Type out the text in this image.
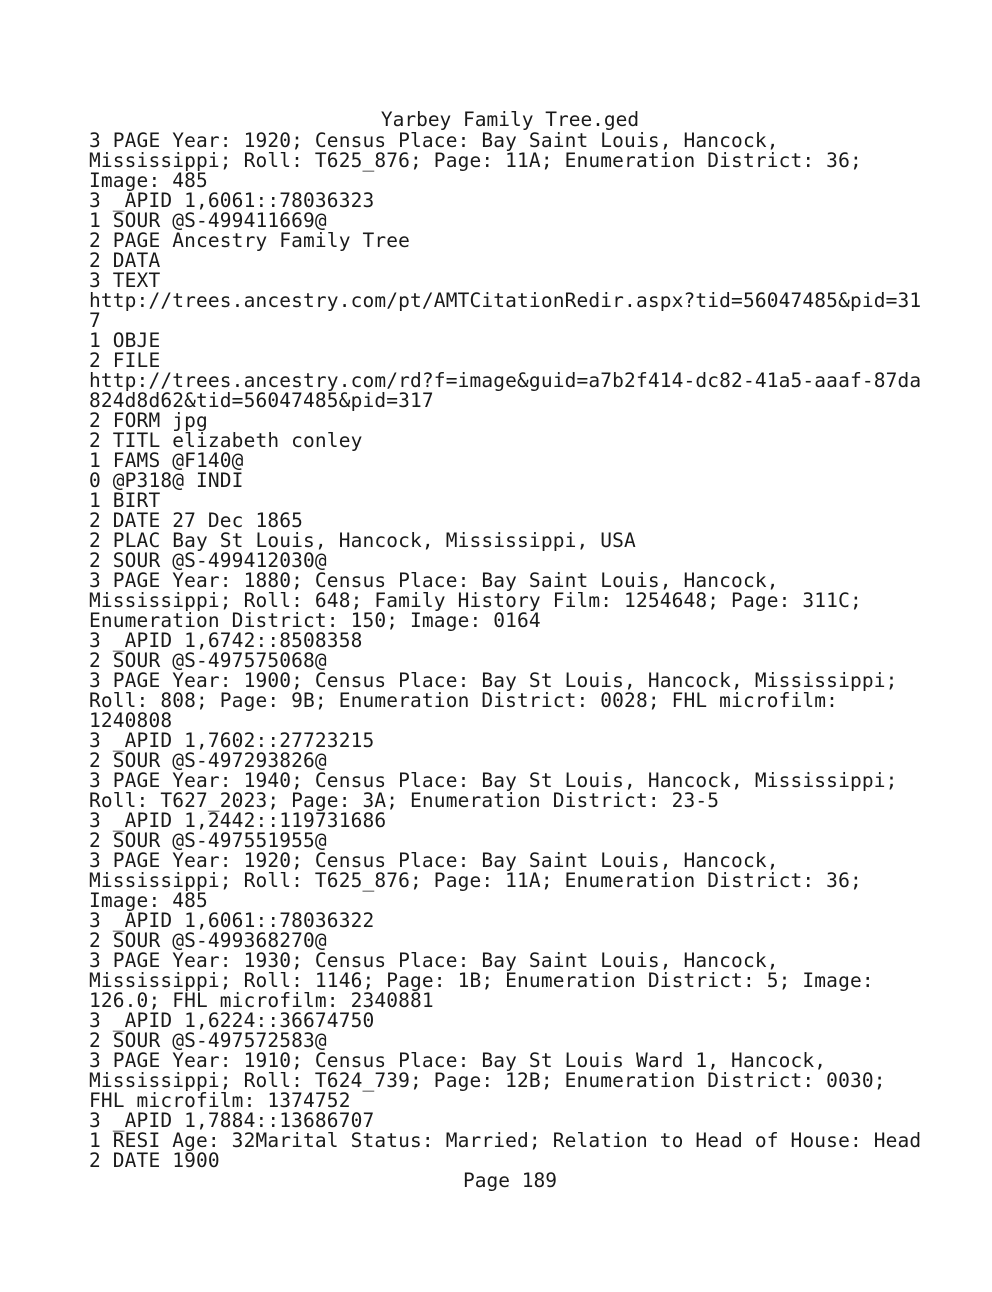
Yarbey Family Tree.ged
3 PAGE Year: 1920; Census Place: Bay Saint Louis, Hancock,
Mississippi; Roll: T625_876; Page: 11A; Enumeration District: 36;
Image: 485
3 _APID 1,6061::78036323
1 SOUR @S-499411669@
2 PAGE Ancestry Family Tree
2 DATA
3 TEXT
http://trees.ancestry.com/pt/AMTCitationRedir.aspx?tid=56047485&pid=31
7
1 OBJE
2 FILE
http://trees.ancestry.com/rd?f=image&guid=a7b2f414-dc82-41a5-aaaf-87da
824d8d62&tid=56047485&pid=317
2 FORM jpg
2 TITL elizabeth conley
1 FAMS @F140@
0 @P318@ INDI
1 BIRT
2 DATE 27 Dec 1865
2 PLAC Bay St Louis, Hancock, Mississippi, USA
2 SOUR @S-499412030@
3 PAGE Year: 1880; Census Place: Bay Saint Louis, Hancock,
Mississippi; Roll: 648; Family History Film: 1254648; Page: 311C;
Enumeration District: 150; Image: 0164
3 _APID 1,6742::8508358
2 SOUR @S-497575068@
3 PAGE Year: 1900; Census Place: Bay St Louis, Hancock, Mississippi;
Roll: 808; Page: 9B; Enumeration District: 0028; FHL microfilm:
1240808
3 _APID 1,7602::27723215
2 SOUR @S-497293826@
3 PAGE Year: 1940; Census Place: Bay St Louis, Hancock, Mississippi;
Roll: T627_2023; Page: 3A; Enumeration District: 23-5
3 _APID 1,2442::119731686
2 SOUR @S-497551955@
3 PAGE Year: 1920; Census Place: Bay Saint Louis, Hancock,
Mississippi; Roll: T625_876; Page: 11A; Enumeration District: 36;
Image: 485
3 _APID 1,6061::78036322
2 SOUR @S-499368270@
3 PAGE Year: 1930; Census Place: Bay Saint Louis, Hancock,
Mississippi; Roll: 1146; Page: 1B; Enumeration District: 5; Image:
126.0; FHL microfilm: 2340881
3 _APID 1,6224::36674750
2 SOUR @S-497572583@
3 PAGE Year: 1910; Census Place: Bay St Louis Ward 1, Hancock,
Mississippi; Roll: T624_739; Page: 12B; Enumeration District: 0030;
FHL microfilm: 1374752
3 _APID 1,7884::13686707
1 RESI Age: 32Marital Status: Married; Relation to Head of House: Head
2 DATE 1900
Page 189
